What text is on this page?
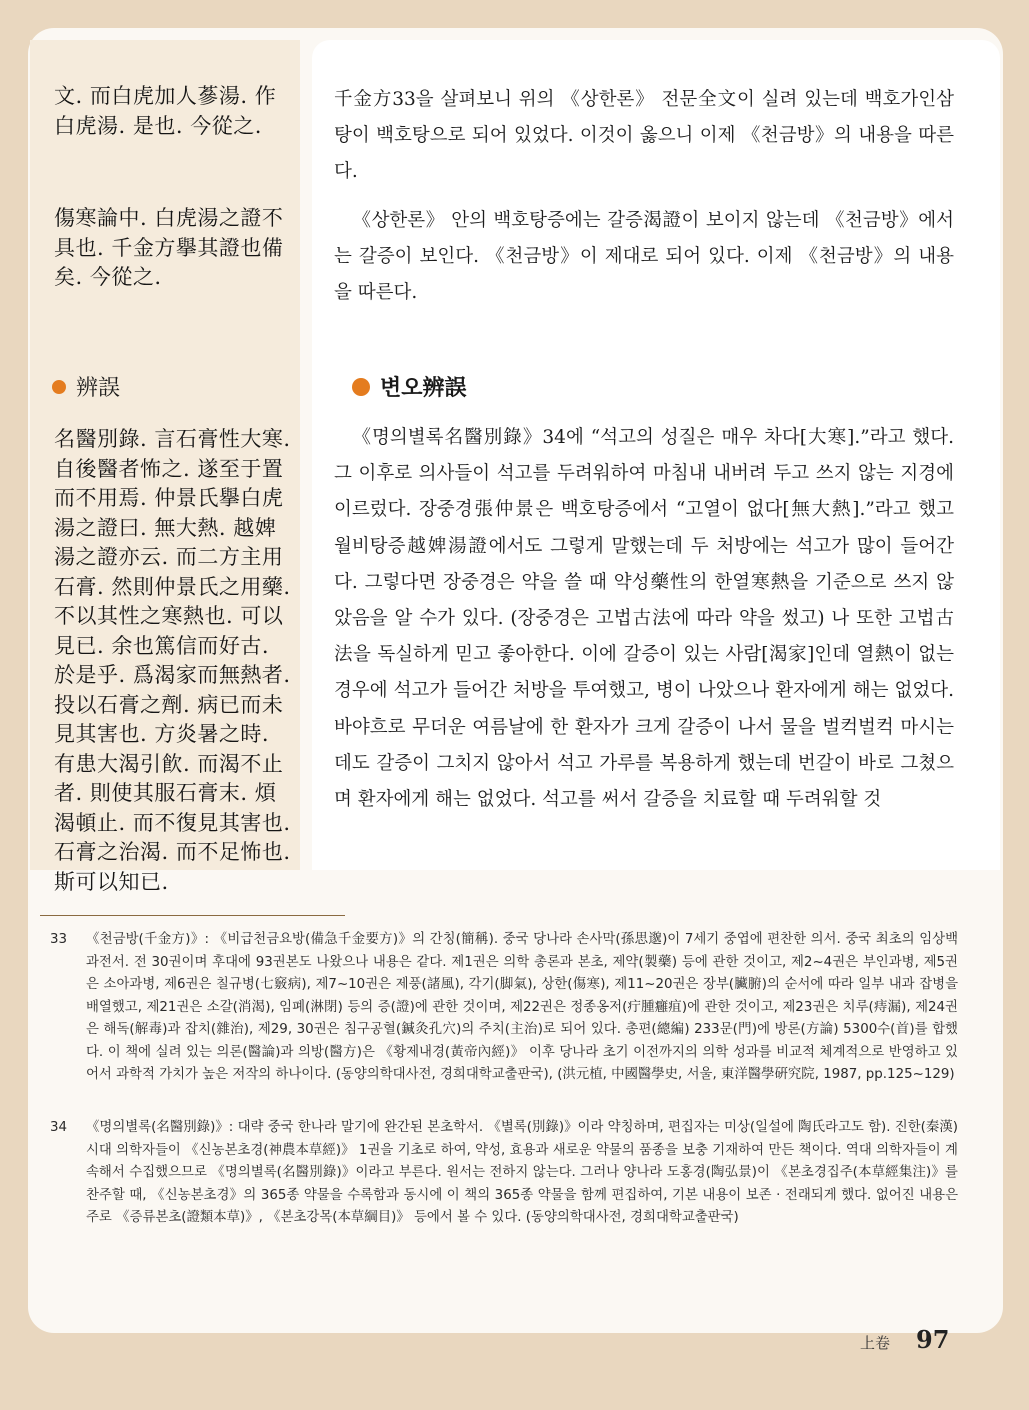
文. 而白虎加人蔘湯. 作白虎湯. 是也. 今從之.
傷寒論中. 白虎湯之證不具也. 千金方擧其證也備矣. 今從之.
辨誤
名醫別錄. 言石膏性大寒. 自後醫者怖之. 遂至于置而不用焉. 仲景氏擧白虎湯之證曰. 無大熱. 越婢湯之證亦云. 而二方主用石膏. 然則仲景氏之用藥. 不以其性之寒熱也. 可以見已. 余也篤信而好古. 於是乎. 爲渴家而無熱者. 投以石膏之劑. 病已而未見其害也. 方炎暑之時. 有患大渴引飮. 而渴不止者. 則使其服石膏末. 煩渴頓止. 而不復見其害也. 石膏之治渴. 而不足怖也. 斯可以知已.

千金方33을 살펴보니 위의 《상한론》 전문全文이 실려 있는데 백호가인삼탕이 백호탕으로 되어 있었다. 이것이 옳으니 이제 《천금방》의 내용을 따른다.

《상한론》 안의 백호탕증에는 갈증渴證이 보이지 않는데 《천금방》에서는 갈증이 보인다. 《천금방》이 제대로 되어 있다. 이제 《천금방》의 내용을 따른다.

변오辨誤

《명의별록名醫別錄》34에 “석고의 성질은 매우 차다[大寒].”라고 했다. 그 이후로 의사들이 석고를 두려워하여 마침내 내버려 두고 쓰지 않는 지경에 이르렀다. 장중경張仲景은 백호탕증에서 “고열이 없다[無大熱].”라고 했고 월비탕증越婢湯證에서도 그렇게 말했는데 두 처방에는 석고가 많이 들어간다. 그렇다면 장중경은 약을 쓸 때 약성藥性의 한열寒熱을 기준으로 쓰지 않았음을 알 수가 있다. (장중경은 고법古法에 따라 약을 썼고) 나 또한 고법古法을 독실하게 믿고 좋아한다. 이에 갈증이 있는 사람[渴家]인데 열熱이 없는 경우에 석고가 들어간 처방을 투여했고, 병이 나았으나 환자에게 해는 없었다. 바야흐로 무더운 여름날에 한 환자가 크게 갈증이 나서 물을 벌컥벌컥 마시는데도 갈증이 그치지 않아서 석고 가루를 복용하게 했는데 번갈이 바로 그쳤으며 환자에게 해는 없었다. 석고를 써서 갈증을 치료할 때 두려워할 것

33	《천금방(千金方)》: 《비급천금요방(備急千金要方)》의 간칭(簡稱). 중국 당나라 손사막(孫思邈)이 7세기 중엽에 편찬한 의서. 중국 최초의 임상백과전서. 전 30권이며 후대에 93권본도 나왔으나 내용은 같다. 제1권은 의학 총론과 본초, 제약(製藥) 등에 관한 것이고, 제2~4권은 부인과병, 제5권은 소아과병, 제6권은 칠규병(七竅病), 제7~10권은 제풍(諸風), 각기(脚氣), 상한(傷寒), 제11~20권은 장부(臟腑)의 순서에 따라 일부 내과 잡병을 배열했고, 제21권은 소갈(消渴), 임폐(淋閉) 등의 증(證)에 관한 것이며, 제22권은 정종옹저(疔腫癰疽)에 관한 것이고, 제23권은 치루(痔漏), 제24권은 해독(解毒)과 잡치(雜治), 제29, 30권은 침구공혈(鍼灸孔穴)의 주치(主治)로 되어 있다. 총편(總編) 233문(門)에 방론(方論) 5300수(首)를 합했다. 이 책에 실려 있는 의론(醫論)과 의방(醫方)은 《황제내경(黃帝內經)》 이후 당나라 초기 이전까지의 의학 성과를 비교적 체계적으로 반영하고 있어서 과학적 가치가 높은 저작의 하나이다. (동양의학대사전, 경희대학교출판국), (洪元植, 中國醫學史, 서울, 東洋醫學硏究院, 1987, pp.125~129)
34	《명의별록(名醫別錄)》: 대략 중국 한나라 말기에 완간된 본초학서. 《별록(別錄)》이라 약칭하며, 편집자는 미상(일설에 陶氏라고도 함). 진한(秦漢) 시대 의학자들이 《신농본초경(神農本草經)》 1권을 기초로 하여, 약성, 효용과 새로운 약물의 품종을 보충 기재하여 만든 책이다. 역대 의학자들이 계속해서 수집했으므로 《명의별록(名醫別錄)》이라고 부른다. 원서는 전하지 않는다. 그러나 양나라 도홍경(陶弘景)이 《본초경집주(本草經集注)》를 찬주할 때, 《신농본초경》의 365종 약물을 수록함과 동시에 이 책의 365종 약물을 함께 편집하여, 기본 내용이 보존 · 전래되게 했다. 없어진 내용은 주로 《증류본초(證類本草)》, 《본초강목(本草綱目)》 등에서 볼 수 있다. (동양의학대사전, 경희대학교출판국)
上卷 97
